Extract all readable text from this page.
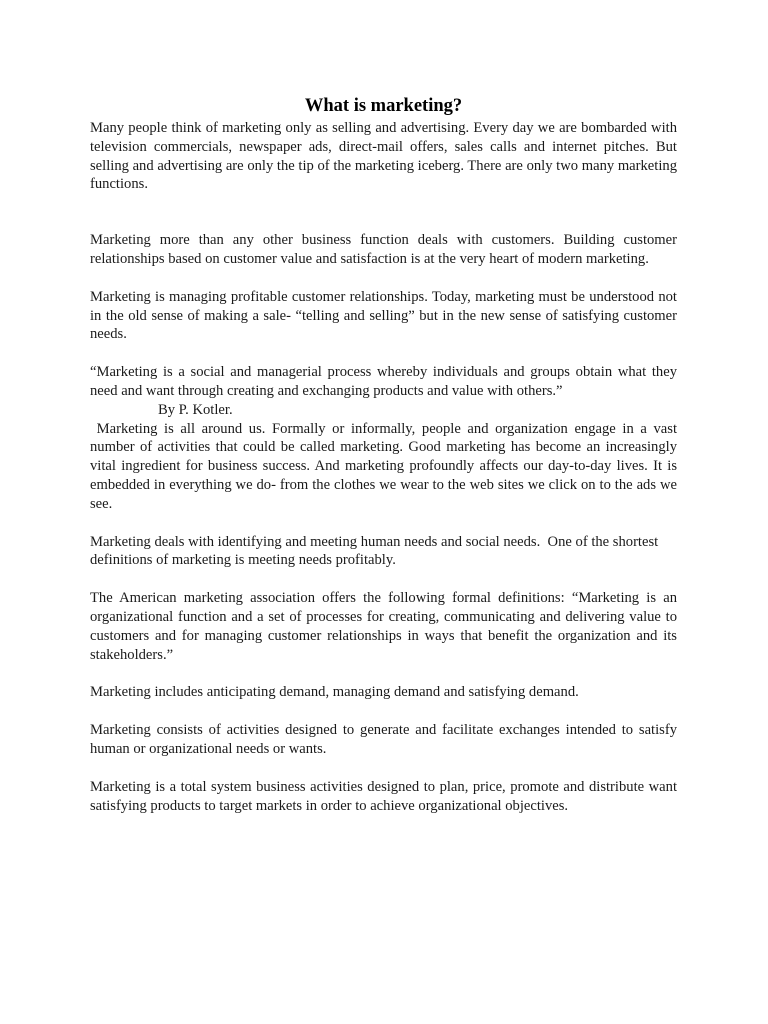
What is marketing?

Many people think of marketing only as selling and advertising. Every day we are bombarded with television commercials, newspaper ads, direct-mail offers, sales calls and internet pitches. But selling and advertising are only the tip of the marketing iceberg. There are only two many marketing functions.

Marketing more than any other business function deals with customers. Building customer relationships based on customer value and satisfaction is at the very heart of modern marketing.

Marketing is managing profitable customer relationships. Today, marketing must be understood not in the old sense of making a sale- “telling and selling” but in the new sense of satisfying customer needs.

“Marketing is a social and managerial process whereby individuals and groups obtain what they need and want through creating and exchanging products and value with others.”

By P. Kotler.

Marketing is all around us. Formally or informally, people and organization engage in a vast number of activities that could be called marketing. Good marketing has become an increasingly vital ingredient for business success. And marketing profoundly affects our day-to-day lives. It is embedded in everything we do- from the clothes we wear to the web sites we click on to the ads we see.

Marketing deals with identifying and meeting human needs and social needs.  One of the shortest definitions of marketing is meeting needs profitably.

The American marketing association offers the following formal definitions: “Marketing is an organizational function and a set of processes for creating, communicating and delivering value to customers and for managing customer relationships in ways that benefit the organization and its stakeholders.”

Marketing includes anticipating demand, managing demand and satisfying demand.

Marketing consists of activities designed to generate and facilitate exchanges intended to satisfy human or organizational needs or wants.

Marketing is a total system business activities designed to plan, price, promote and distribute want satisfying products to target markets in order to achieve organizational objectives.
